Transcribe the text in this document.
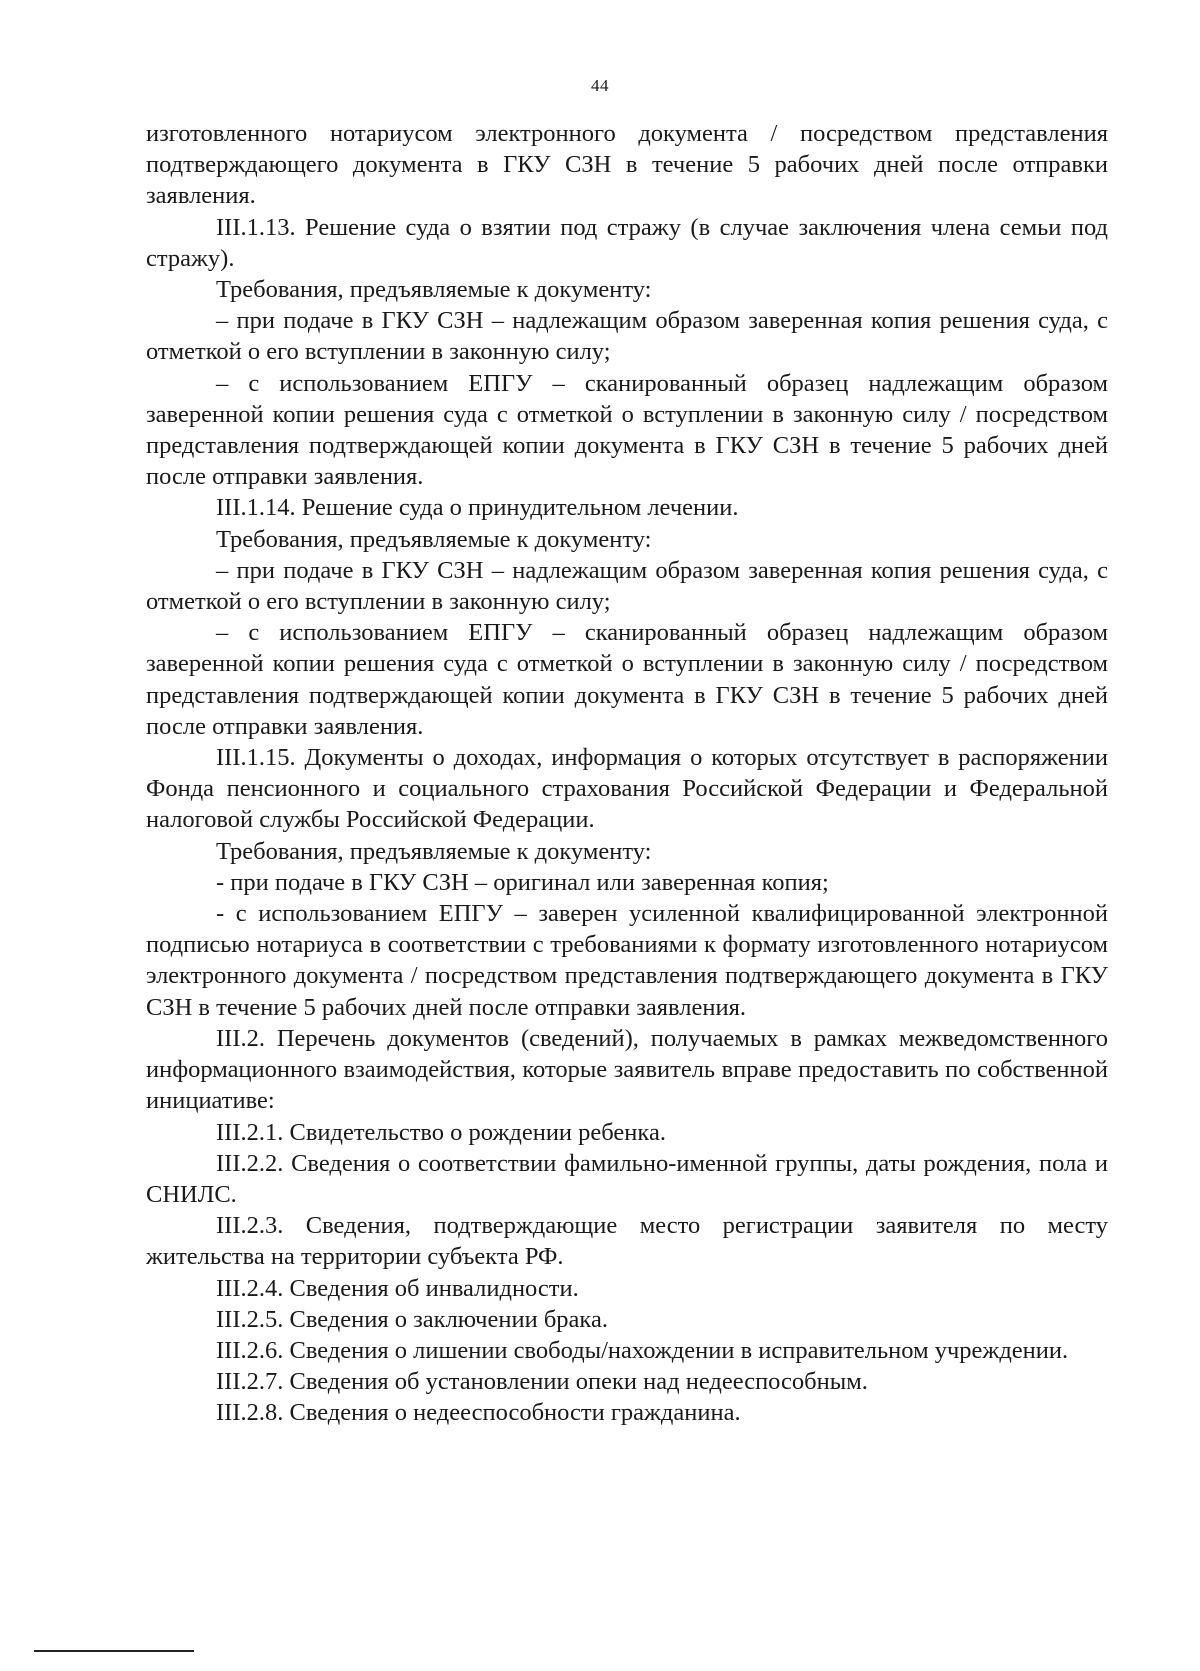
44

изготовленного нотариусом электронного документа / посредством представления подтверждающего документа в ГКУ СЗН в течение 5 рабочих дней после отправки заявления.

III.1.13. Решение суда о взятии под стражу (в случае заключения члена семьи под стражу).

Требования, предъявляемые к документу:

– при подаче в ГКУ СЗН – надлежащим образом заверенная копия решения суда, с отметкой о его вступлении в законную силу;

– с использованием ЕПГУ – сканированный образец надлежащим образом заверенной копии решения суда с отметкой о вступлении в законную силу / посредством представления подтверждающей копии документа в ГКУ СЗН в течение 5 рабочих дней после отправки заявления.

III.1.14. Решение суда о принудительном лечении.

Требования, предъявляемые к документу:

– при подаче в ГКУ СЗН – надлежащим образом заверенная копия решения суда, с отметкой о его вступлении в законную силу;

– с использованием ЕПГУ – сканированный образец надлежащим образом заверенной копии решения суда с отметкой о вступлении в законную силу / посредством представления подтверждающей копии документа в ГКУ СЗН в течение 5 рабочих дней после отправки заявления.

III.1.15. Документы о доходах, информация о которых отсутствует в распоряжении Фонда пенсионного и социального страхования Российской Федерации и Федеральной налоговой службы Российской Федерации.

Требования, предъявляемые к документу:

- при подаче в ГКУ СЗН – оригинал или заверенная копия;

- с использованием ЕПГУ – заверен усиленной квалифицированной электронной подписью нотариуса в соответствии с требованиями к формату изготовленного нотариусом электронного документа / посредством представления подтверждающего документа в ГКУ СЗН в течение 5 рабочих дней после отправки заявления.

III.2. Перечень документов (сведений), получаемых в рамках межведомственного информационного взаимодействия, которые заявитель вправе предоставить по собственной инициативе:

III.2.1. Свидетельство о рождении ребенка.

III.2.2. Сведения о соответствии фамильно-именной группы, даты рождения, пола и СНИЛС.

III.2.3. Сведения, подтверждающие место регистрации заявителя по месту жительства на территории субъекта РФ.

III.2.4. Сведения об инвалидности.

III.2.5. Сведения о заключении брака.

III.2.6. Сведения о лишении свободы/нахождении в исправительном учреждении.

III.2.7. Сведения об установлении опеки над недееспособным.

III.2.8. Сведения о недееспособности гражданина.
